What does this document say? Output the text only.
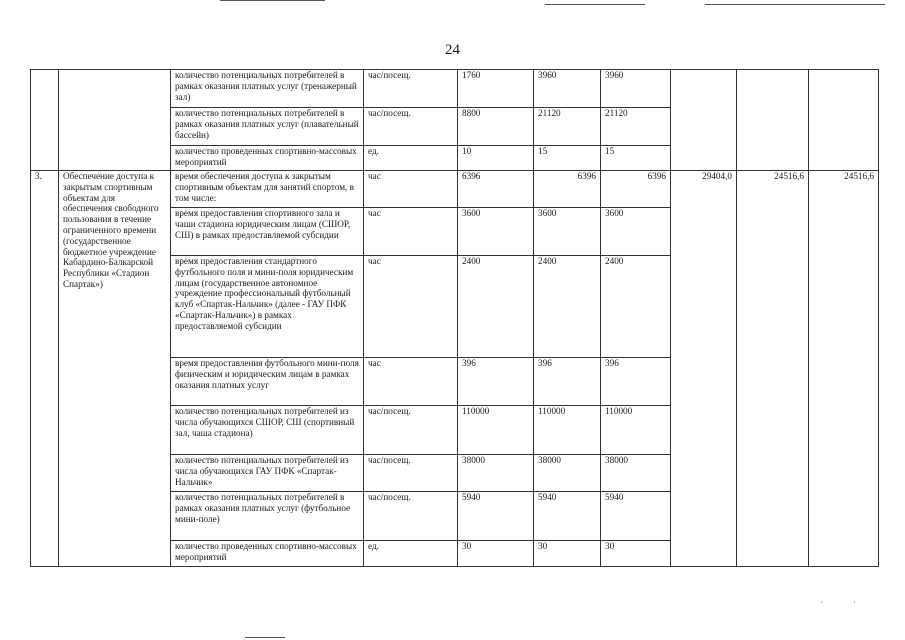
24
		количество потенциальных потребителей в рамках оказания платных услуг (тренажерный зал)	час/посещ.	1760	3960	3960			
		количество потенциальных потребителей в рамках оказания платных услуг (плавательный бассейн)	час/посещ.	8800	21120	21120			
		количество проведенных спортивно-массовых мероприятий	ед.	10	15	15			
3.	Обеспечение доступа к закрытым спортивным объектам для обеспечения свободного пользования в течение ограниченного времени (государственное бюджетное учреждение Кабардино-Балкарской Республики «Стадион Спартак»)	время обеспечения доступа к закрытым спортивным объектам для занятий спортом, в том числе:	час	6396	6396	6396	29404,0	24516,6	24516,6
		время предоставления спортивного зала и чаши стадиона юридическим лицам (СШОР, СШ) в рамках предоставляемой субсидии	час	3600	3600	3600			
		время предоставления стандартного футбольного поля и мини-поля юридическим лицам (государственное автономное учреждение профессиональный футбольный клуб «Спартак-Нальчик» (далее - ГАУ ПФК «Спартак-Нальчик») в рамках предоставляемой субсидии	час	2400	2400	2400			
		время предоставления футбольного мини-поля физическим и юридическим лицам в рамках оказания платных услуг	час	396	396	396			
		количество потенциальных потребителей из числа обучающихся СШОР, СШ (спортивный зал, чаша стадиона)	час/посещ.	110000	110000	110000			
		количество потенциальных потребителей из числа обучающихся ГАУ ПФК «Спартак-Нальчик»	час/посещ.	38000	38000	38000			
		количество потенциальных потребителей в рамках оказания платных услуг (футбольное мини-поле)	час/посещ.	5940	5940	5940			
		количество проведенных спортивно-массовых мероприятий	ед.	30	30	30			
·	·
